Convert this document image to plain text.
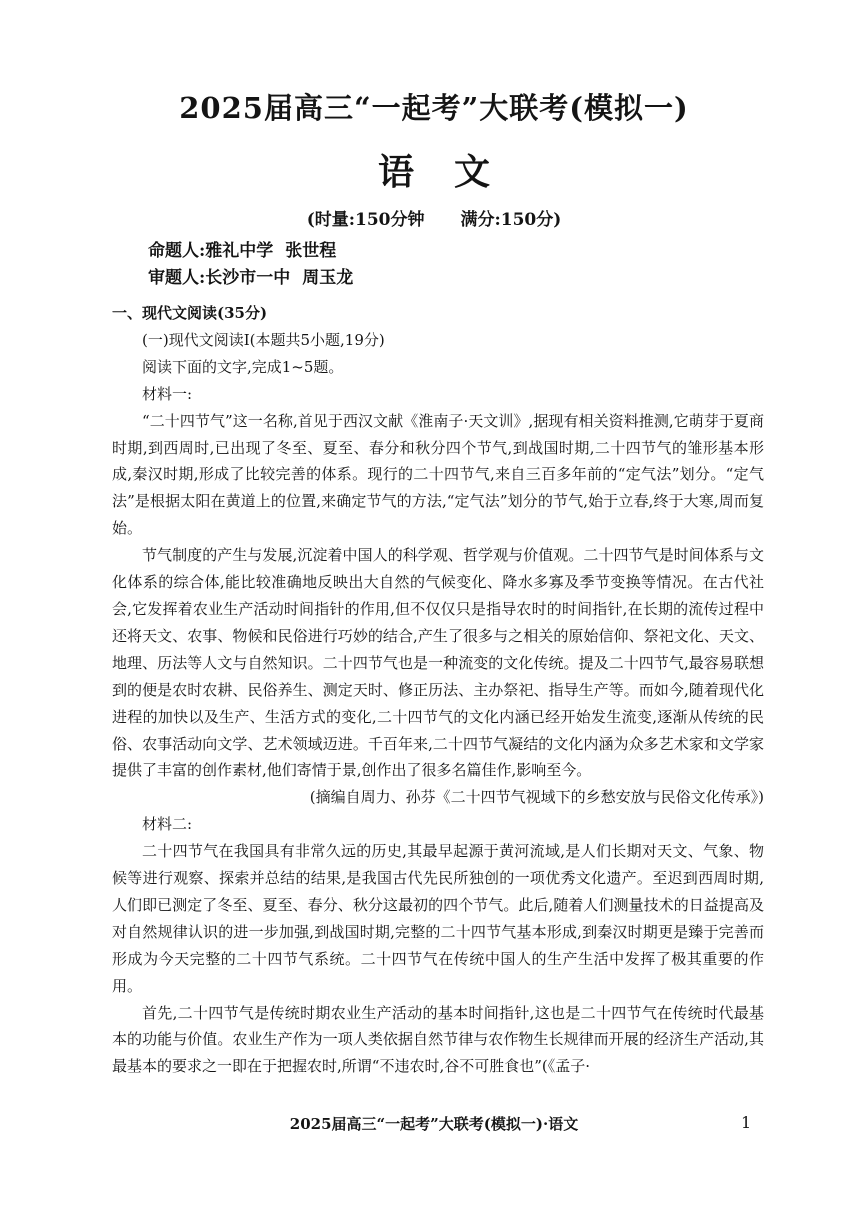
2025届高三“一起考”大联考(模拟一)
语文
(时量:150分钟 满分:150分)
命题人:雅礼中学 张世程
审题人:长沙市一中 周玉龙

一、现代文阅读(35分)

(一)现代文阅读Ⅰ(本题共5小题,19分)

阅读下面的文字,完成1~5题。

材料一:

“二十四节气”这一名称,首见于西汉文献《淮南子·天文训》,据现有相关资料推测,它萌芽于夏商时期,到西周时,已出现了冬至、夏至、春分和秋分四个节气,到战国时期,二十四节气的雏形基本形成,秦汉时期,形成了比较完善的体系。现行的二十四节气,来自三百多年前的“定气法”划分。“定气法”是根据太阳在黄道上的位置,来确定节气的方法,“定气法”划分的节气,始于立春,终于大寒,周而复始。

节气制度的产生与发展,沉淀着中国人的科学观、哲学观与价值观。二十四节气是时间体系与文化体系的综合体,能比较准确地反映出大自然的气候变化、降水多寡及季节变换等情况。在古代社会,它发挥着农业生产活动时间指针的作用,但不仅仅只是指导农时的时间指针,在长期的流传过程中还将天文、农事、物候和民俗进行巧妙的结合,产生了很多与之相关的原始信仰、祭祀文化、天文、地理、历法等人文与自然知识。二十四节气也是一种流变的文化传统。提及二十四节气,最容易联想到的便是农时农耕、民俗养生、测定天时、修正历法、主办祭祀、指导生产等。而如今,随着现代化进程的加快以及生产、生活方式的变化,二十四节气的文化内涵已经开始发生流变,逐渐从传统的民俗、农事活动向文学、艺术领域迈进。千百年来,二十四节气凝结的文化内涵为众多艺术家和文学家提供了丰富的创作素材,他们寄情于景,创作出了很多名篇佳作,影响至今。

(摘编自周力、孙芬《二十四节气视域下的乡愁安放与民俗文化传承》)

材料二:

二十四节气在我国具有非常久远的历史,其最早起源于黄河流域,是人们长期对天文、气象、物候等进行观察、探索并总结的结果,是我国古代先民所独创的一项优秀文化遗产。至迟到西周时期,人们即已测定了冬至、夏至、春分、秋分这最初的四个节气。此后,随着人们测量技术的日益提高及对自然规律认识的进一步加强,到战国时期,完整的二十四节气基本形成,到秦汉时期更是臻于完善而形成为今天完整的二十四节气系统。二十四节气在传统中国人的生产生活中发挥了极其重要的作用。

首先,二十四节气是传统时期农业生产活动的基本时间指针,这也是二十四节气在传统时代最基本的功能与价值。农业生产作为一项人类依据自然节律与农作物生长规律而开展的经济生产活动,其最基本的要求之一即在于把握农时,所谓“不违农时,谷不可胜食也”(《孟子·

2025届高三“一起考”大联考(模拟一)·语文	1
